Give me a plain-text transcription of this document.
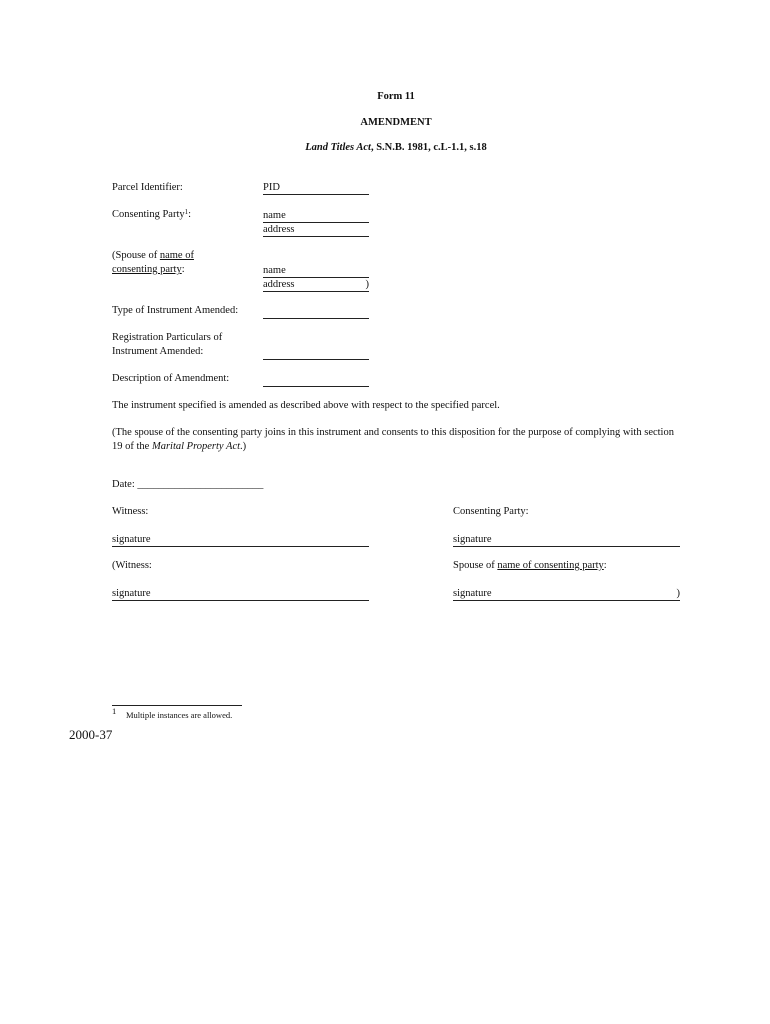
Form 11
AMENDMENT
Land Titles Act, S.N.B. 1981, c.L-1.1, s.18
Parcel Identifier:	PID
Consenting Party$^1$:	name
address
(Spouse of name of
consenting party:	name
address	)
Type of Instrument Amended:
Registration Particulars of
Instrument Amended:
Description of Amendment:
The instrument specified is amended as described above with respect to the specified parcel.
(The spouse of the consenting party joins in this instrument and consents to this disposition for the purpose of complying with section 19 of the Marital Property Act.)
Date: ________________________
Witness:	Consenting Party:
signature	signature
(Witness:	Spouse of name of consenting party:
signature	signature	)
1 Multiple instances are allowed.
2000-37
